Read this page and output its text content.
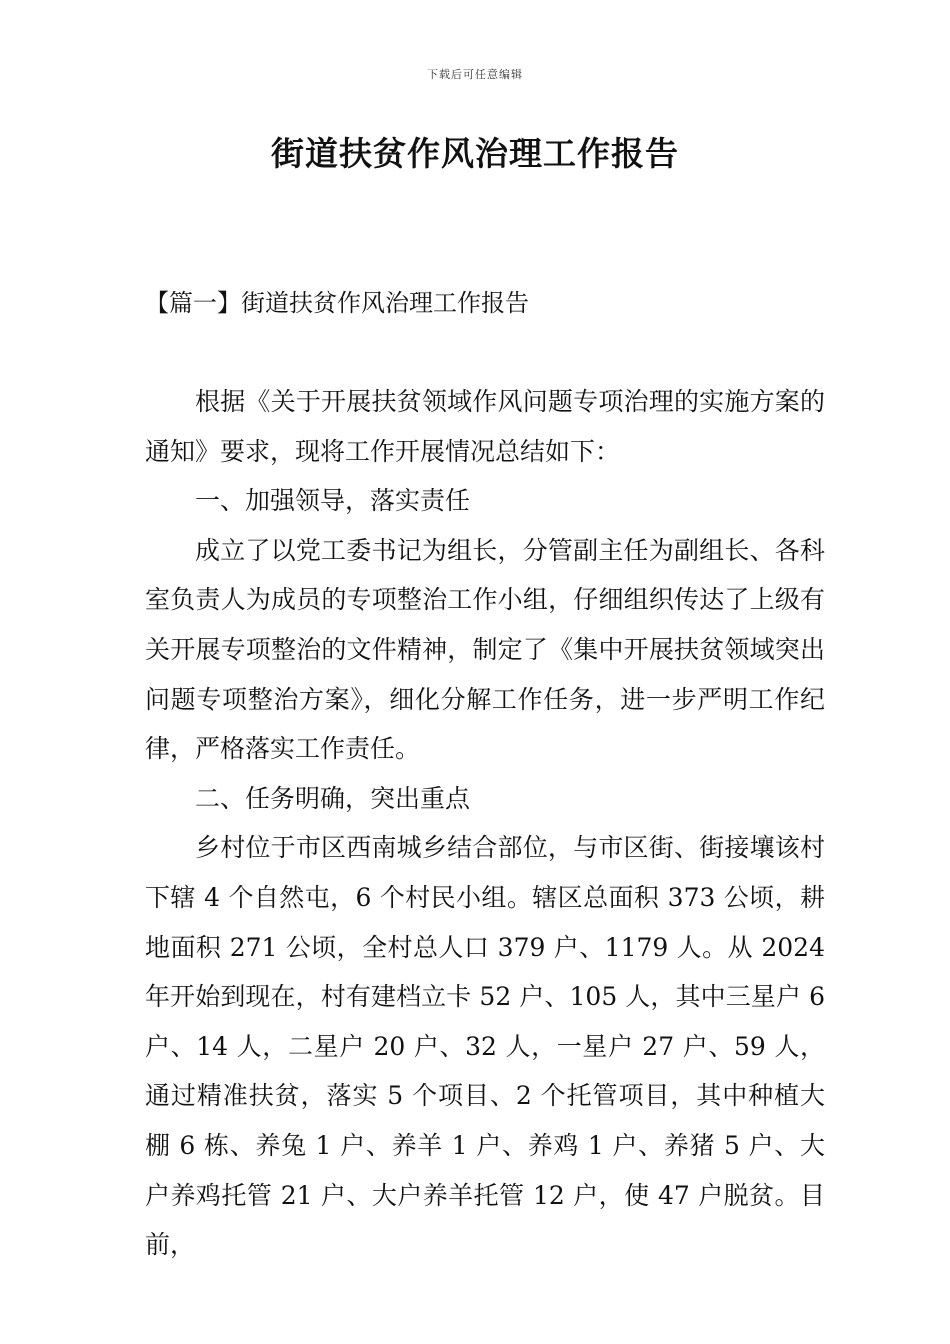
下载后可任意编辑
街道扶贫作风治理工作报告
【篇一】街道扶贫作风治理工作报告

根据《关于开展扶贫领域作风问题专项治理的实施方案的通知》要求，现将工作开展情况总结如下：

一、加强领导，落实责任

成立了以党工委书记为组长，分管副主任为副组长、各科室负责人为成员的专项整治工作小组，仔细组织传达了上级有关开展专项整治的文件精神，制定了《集中开展扶贫领域突出问题专项整治方案》，细化分解工作任务，进一步严明工作纪律，严格落实工作责任。

二、任务明确，突出重点

乡村位于市区西南城乡结合部位，与市区街、街接壤该村下辖 4 个自然屯，6 个村民小组。辖区总面积 373 公顷，耕地面积 271 公顷，全村总人口 379 户、1179 人。从 2024 年开始到现在，村有建档立卡 52 户、105 人，其中三星户 6 户、14 人，二星户 20 户、32 人，一星户 27 户、59 人，通过精准扶贫，落实 5 个项目、2 个托管项目，其中种植大棚 6 栋、养兔 1 户、养羊 1 户、养鸡 1 户、养猪 5 户、大户养鸡托管 21 户、大户养羊托管 12 户，使 47 户脱贫。目前，
